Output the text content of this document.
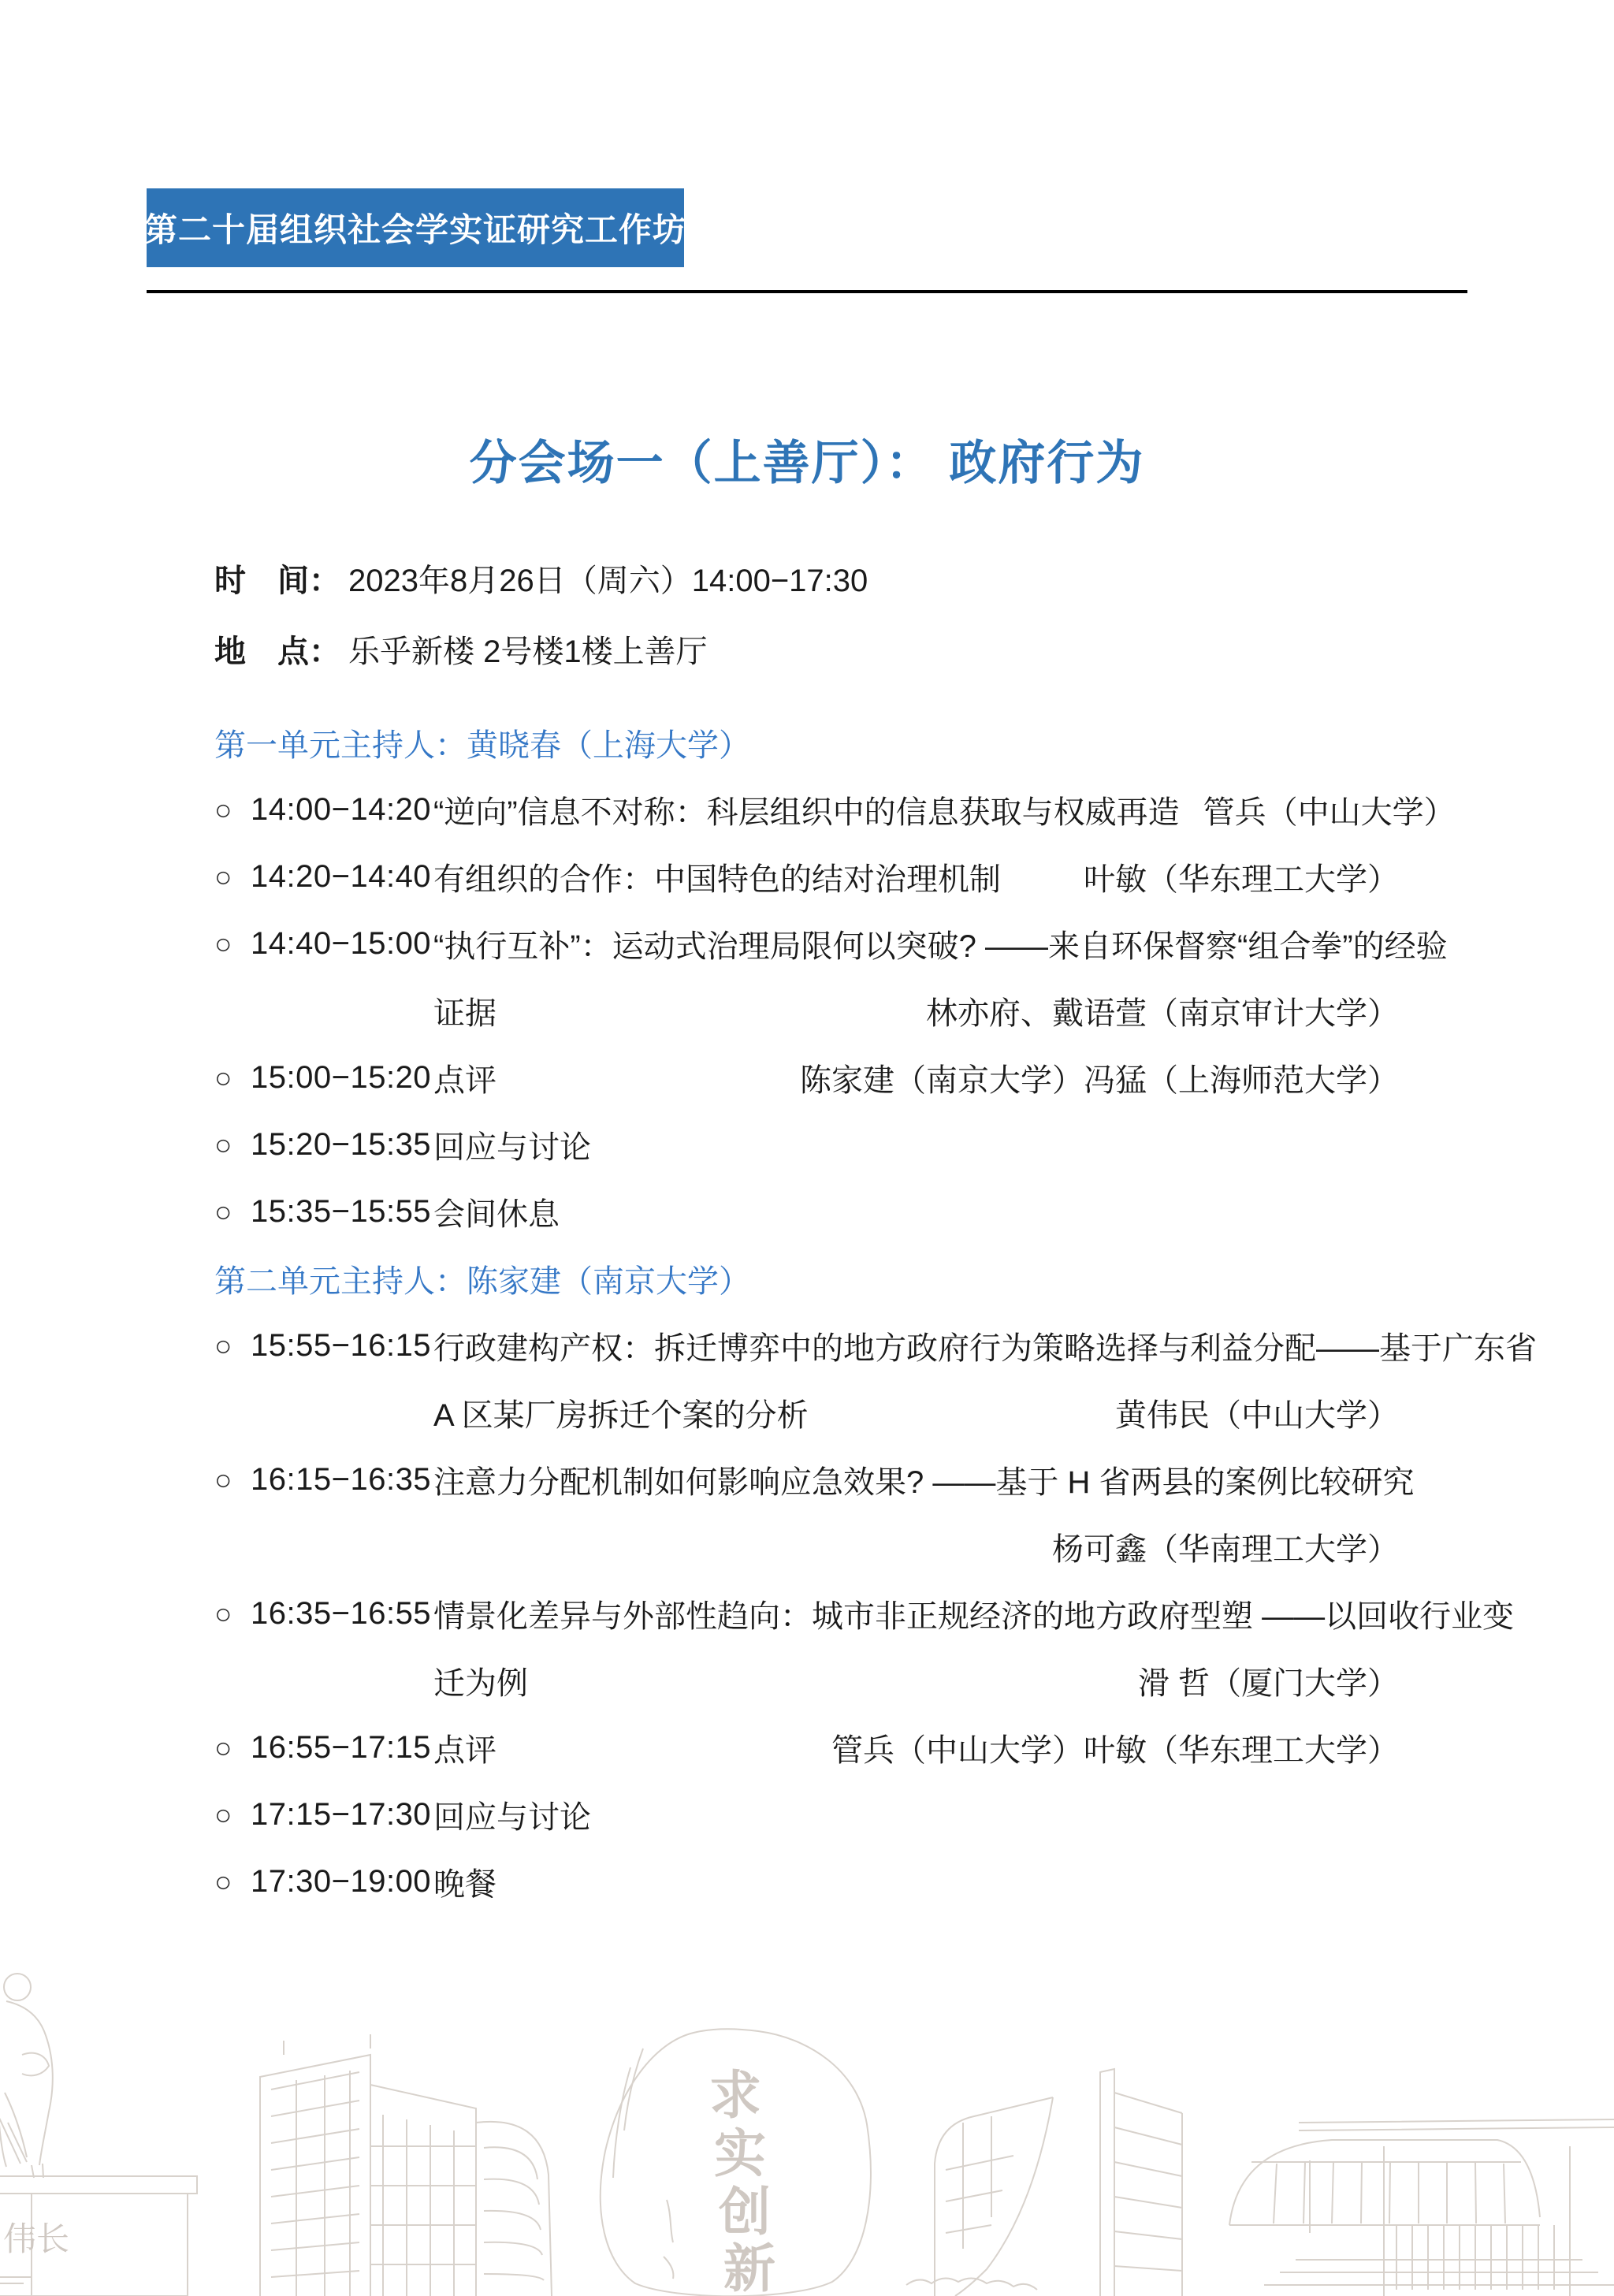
第二十届组织社会学实证研究工作坊
分会场一（上善厅）： 政府行为
时　间： 2023年8月26日（周六）14:00−17:30
地　点： 乐乎新楼 2号楼1楼上善厅
第一单元主持人：黄晓春（上海大学）
○ 14:00−14:20 “逆向”信息不对称：科层组织中的信息获取与权威再造 管兵（中山大学）
○ 14:20−14:40 有组织的合作：中国特色的结对治理机制	叶敏（华东理工大学）
○ 14:40−15:00 “执行互补”：运动式治理局限何以突破? ——来自环保督察“组合拳”的经验
证据	林亦府、戴语萱（南京审计大学）
○ 15:00−15:20 点评	陈家建（南京大学）冯猛（上海师范大学）
○ 15:20−15:35 回应与讨论
○ 15:35−15:55 会间休息
第二单元主持人：陈家建（南京大学）
○ 15:55−16:15 行政建构产权：拆迁博弈中的地方政府行为策略选择与利益分配——基于广东省
A 区某厂房拆迁个案的分析	黄伟民（中山大学）
○ 16:15−16:35 注意力分配机制如何影响应急效果? ——基于 H 省两县的案例比较研究
杨可鑫（华南理工大学）
○ 16:35−16:55 情景化差异与外部性趋向：城市非正规经济的地方政府型塑 ——以回收行业变
迁为例	滑 哲（厦门大学）
○ 16:55−17:15 点评	管兵（中山大学）叶敏（华东理工大学）
○ 17:15−17:30 回应与讨论
○ 17:30−19:00 晚餐
求
实
创
新
伟长
